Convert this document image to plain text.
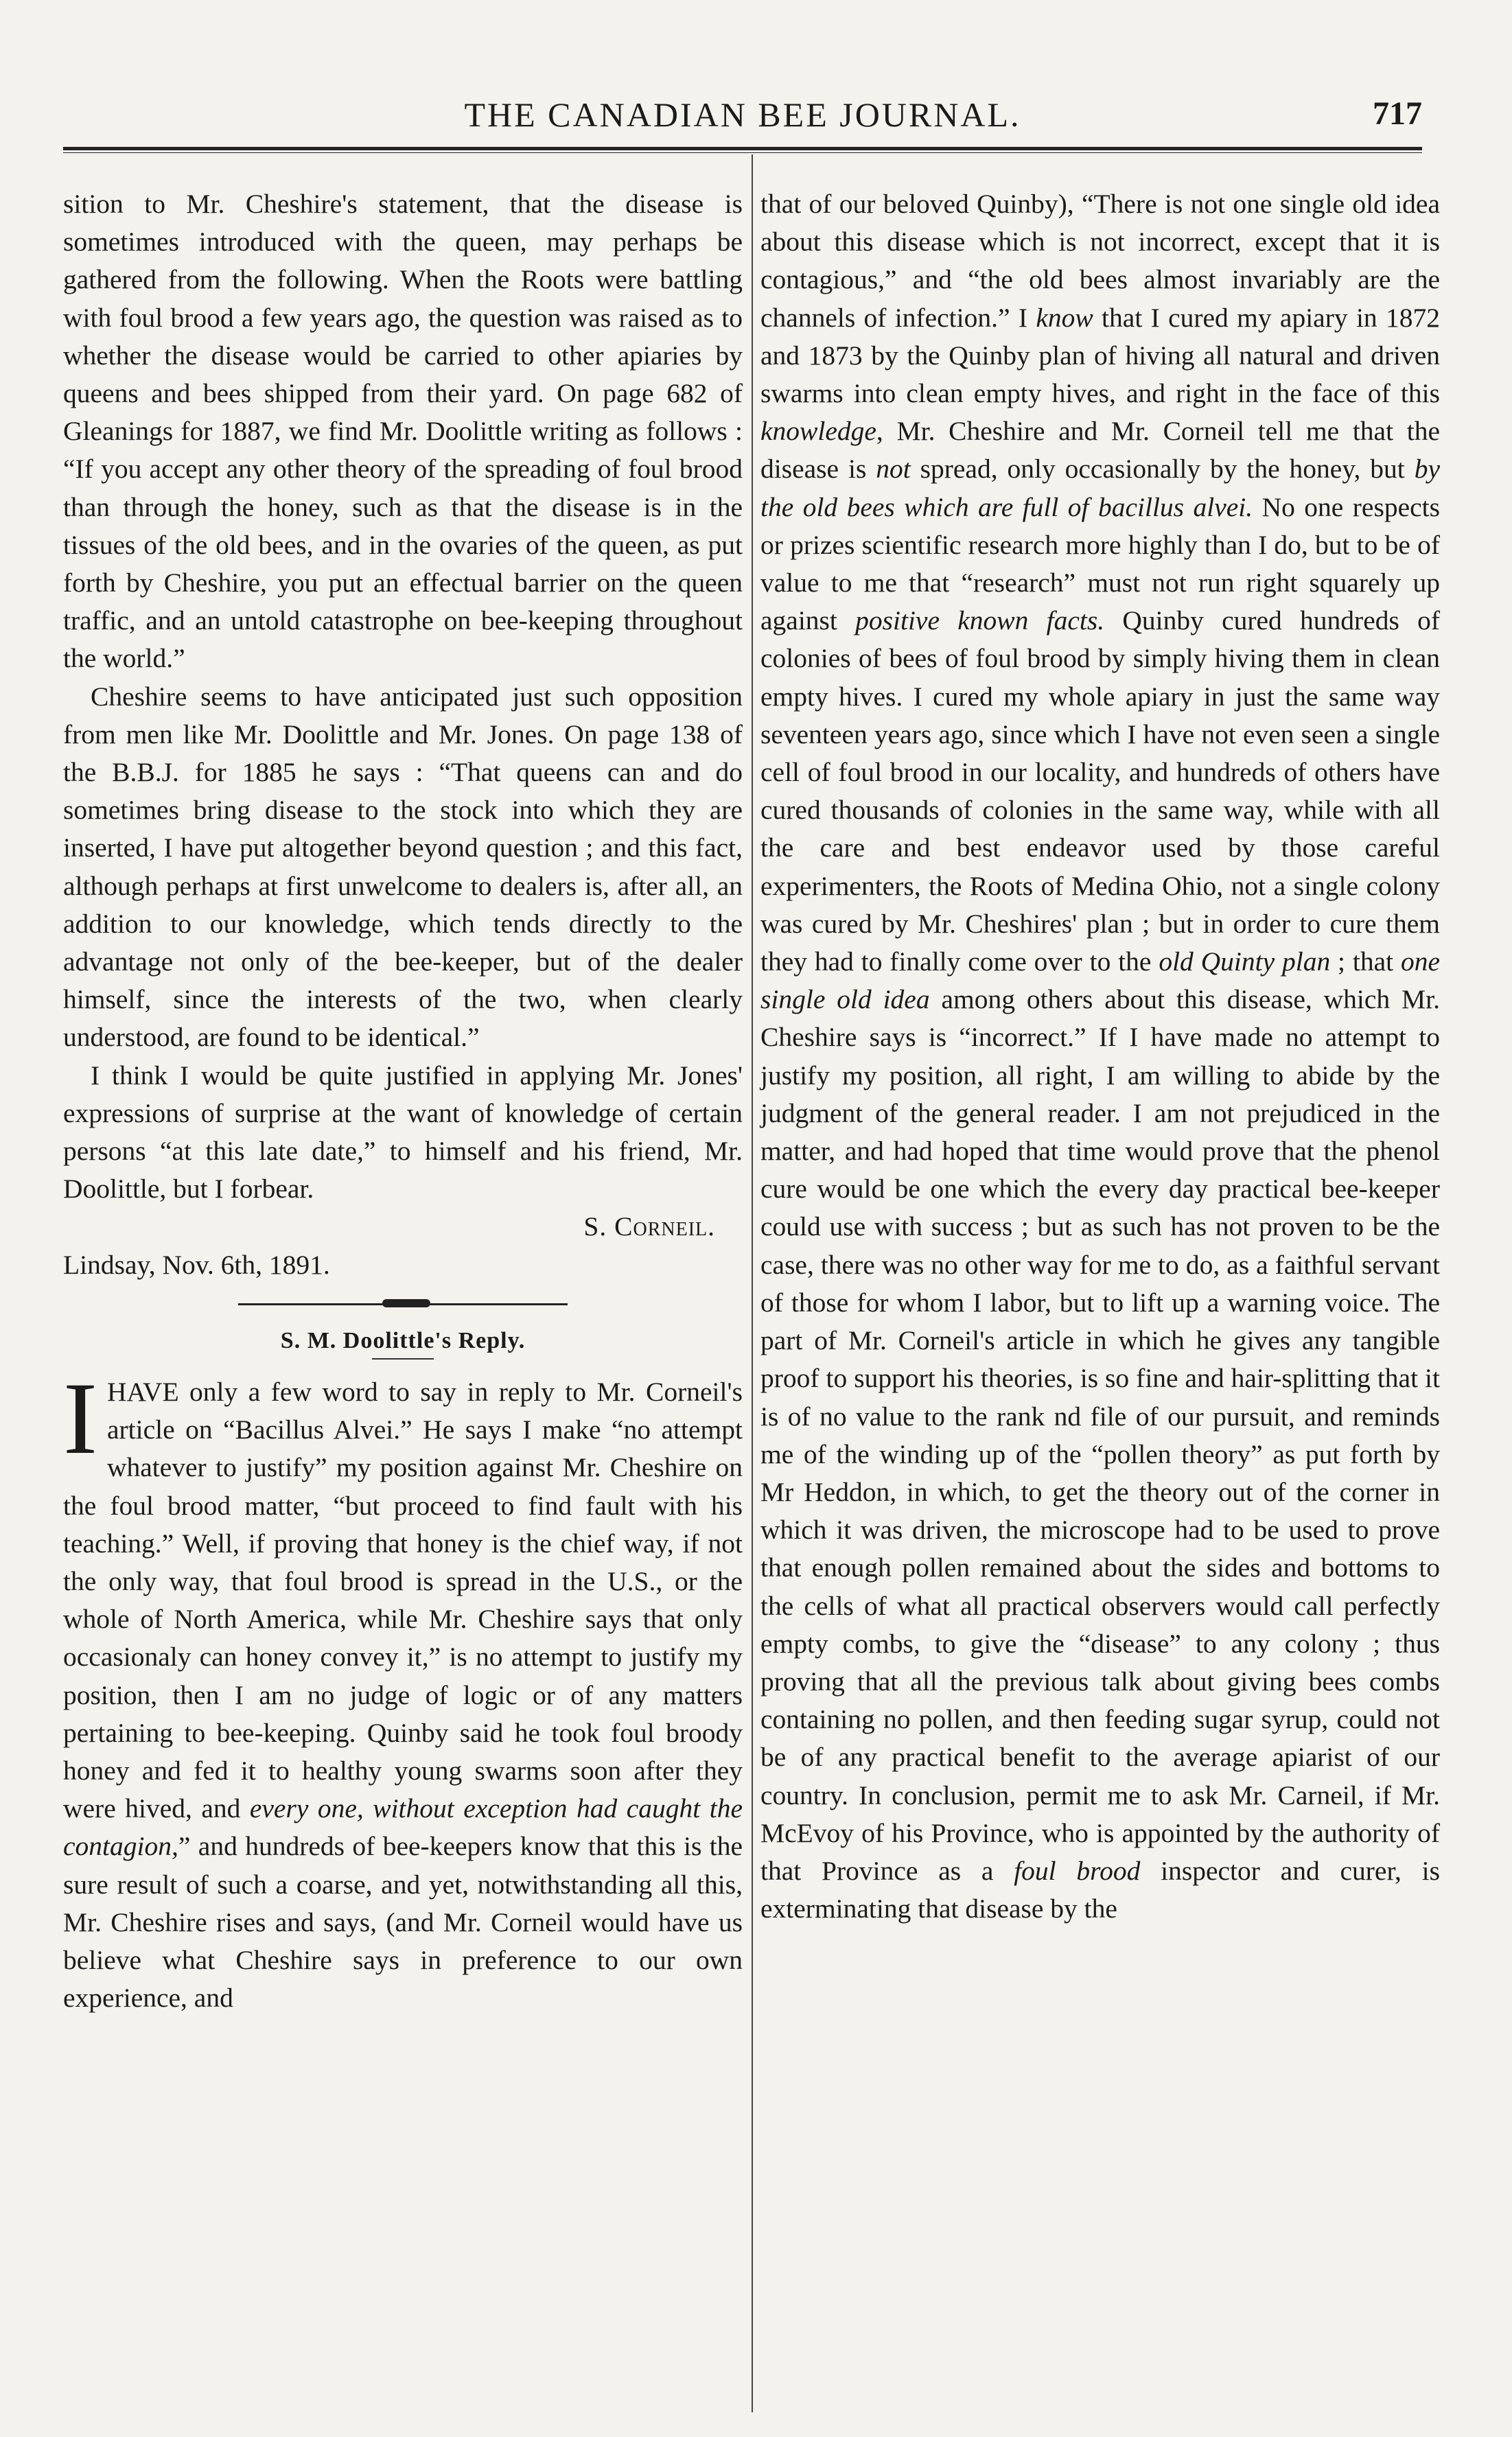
THE CANADIAN BEE JOURNAL.	717

sition to Mr. Cheshire's statement, that the disease is sometimes introduced with the queen, may perhaps be gathered from the following. When the Roots were battling with foul brood a few years ago, the question was raised as to whether the disease would be carried to other apiaries by queens and bees shipped from their yard. On page 682 of Gleanings for 1887, we find Mr. Doolittle writing as follows : “If you accept any other theory of the spreading of foul brood than through the honey, such as that the disease is in the tissues of the old bees, and in the ovaries of the queen, as put forth by Cheshire, you put an effectual barrier on the queen traffic, and an untold catastrophe on bee-keeping throughout the world.”

Cheshire seems to have anticipated just such opposition from men like Mr. Doolittle and Mr. Jones. On page 138 of the B.B.J. for 1885 he says : “That queens can and do sometimes bring disease to the stock into which they are inserted, I have put altogether beyond question ; and this fact, although perhaps at first unwelcome to dealers is, after all, an addition to our knowledge, which tends directly to the advantage not only of the bee-keeper, but of the dealer himself, since the interests of the two, when clearly understood, are found to be identical.”

I think I would be quite justified in applying Mr. Jones' expressions of surprise at the want of knowledge of certain persons “at this late date,” to himself and his friend, Mr. Doolittle, but I forbear.

S. Corneil.

Lindsay, Nov. 6th, 1891.

S. M. Doolittle's Reply.

IHAVE only a few word to say in reply to Mr. Corneil's article on “Bacillus Alvei.” He says I make “no attempt whatever to justify” my position against Mr. Cheshire on the foul brood matter, “but proceed to find fault with his teaching.” Well, if proving that honey is the chief way, if not the only way, that foul brood is spread in the U.S., or the whole of North America, while Mr. Cheshire says that only occasionaly can honey convey it,” is no attempt to justify my position, then I am no judge of logic or of any matters pertaining to bee-keeping. Quinby said he took foul broody honey and fed it to healthy young swarms soon after they were hived, and every one, without exception had caught the contagion,” and hundreds of bee-keepers know that this is the sure result of such a coarse, and yet, notwithstanding all this, Mr. Cheshire rises and says, (and Mr. Corneil would have us believe what Cheshire says in preference to our own experience, and

that of our beloved Quinby), “There is not one single old idea about this disease which is not incorrect, except that it is contagious,” and “the old bees almost invariably are the channels of infection.” I know that I cured my apiary in 1872 and 1873 by the Quinby plan of hiving all natural and driven swarms into clean empty hives, and right in the face of this knowledge, Mr. Cheshire and Mr. Corneil tell me that the disease is not spread, only occasionally by the honey, but by the old bees which are full of bacillus alvei. No one respects or prizes scientific research more highly than I do, but to be of value to me that “research” must not run right squarely up against positive known facts. Quinby cured hundreds of colonies of bees of foul brood by simply hiving them in clean empty hives. I cured my whole apiary in just the same way seventeen years ago, since which I have not even seen a single cell of foul brood in our locality, and hundreds of others have cured thousands of colonies in the same way, while with all the care and best endeavor used by those careful experimenters, the Roots of Medina Ohio, not a single colony was cured by Mr. Cheshires' plan ; but in order to cure them they had to finally come over to the old Quinty plan ; that one single old idea among others about this disease, which Mr. Cheshire says is “incorrect.” If I have made no attempt to justify my position, all right, I am willing to abide by the judgment of the general reader. I am not prejudiced in the matter, and had hoped that time would prove that the phenol cure would be one which the every day practical bee-keeper could use with success ; but as such has not proven to be the case, there was no other way for me to do, as a faithful servant of those for whom I labor, but to lift up a warning voice. The part of Mr. Corneil's article in which he gives any tangible proof to support his theories, is so fine and hair-splitting that it is of no value to the rank nd file of our pursuit, and reminds me of the winding up of the “pollen theory” as put forth by Mr Heddon, in which, to get the theory out of the corner in which it was driven, the microscope had to be used to prove that enough pollen remained about the sides and bottoms to the cells of what all practical observers would call perfectly empty combs, to give the “disease” to any colony ; thus proving that all the previous talk about giving bees combs containing no pollen, and then feeding sugar syrup, could not be of any practical benefit to the average apiarist of our country. In conclusion, permit me to ask Mr. Carneil, if Mr. McEvoy of his Province, who is appointed by the authority of that Province as a foul brood inspector and curer, is exterminating that disease by the
